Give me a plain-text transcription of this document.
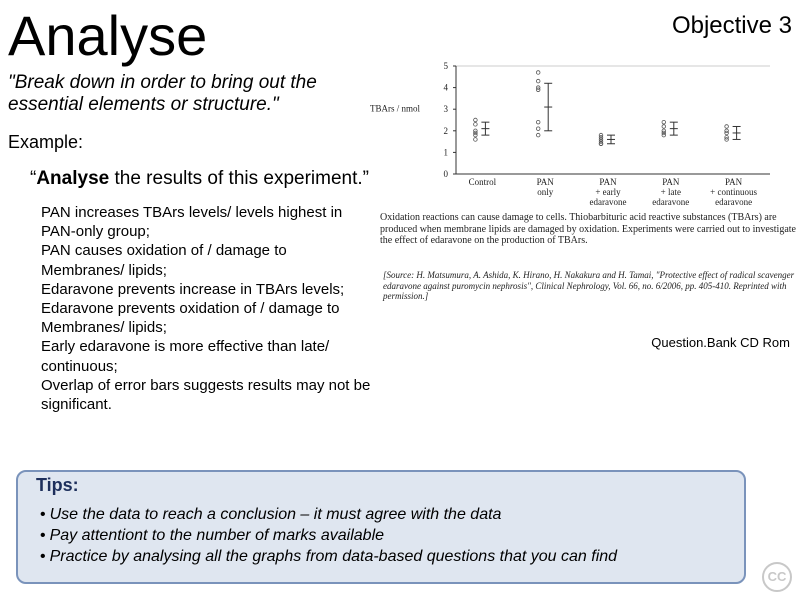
Analyse	Objective 3
"Break down in order to bring out the essential elements or structure."
Example:
“Analyse the results of this experiment.”
PAN increases TBArs levels/ levels highest in
PAN-only group;
PAN causes oxidation of / damage to
Membranes/ lipids;
Edaravone prevents increase in TBArs levels;
Edaravone prevents oxidation of / damage to
Membranes/ lipids;
Early edaravone is more effective than late/
continuous;
Overlap of error bars suggests results may not be
significant.
0
1
2
3
4
5
TBArs / nmol
Control	PAN
only
PAN
+ early
edaravone
PAN
+ late
edaravone
PAN
+ continuous
edaravone
Oxidation reactions can cause damage to cells. Thiobarbituric acid reactive substances (TBArs) are produced when membrane lipids are damaged by oxidation. Experiments were carried out to investigate the effect of edaravone on the production of TBArs.
[Source: H. Matsumura, A. Ashida, K. Hirano, H. Nakakura and H. Tamai, "Protective effect of radical scavenger edaravone against puromycin nephrosis", Clinical Nephrology, Vol. 66, no. 6/2006, pp. 405-410. Reprinted with permission.]
Question.Bank CD Rom
Tips:
• Use the data to reach a conclusion – it must agree with the data
• Pay attentiont to the number of marks available
• Practice by analysing all the graphs from data-based questions that you can find
CC
